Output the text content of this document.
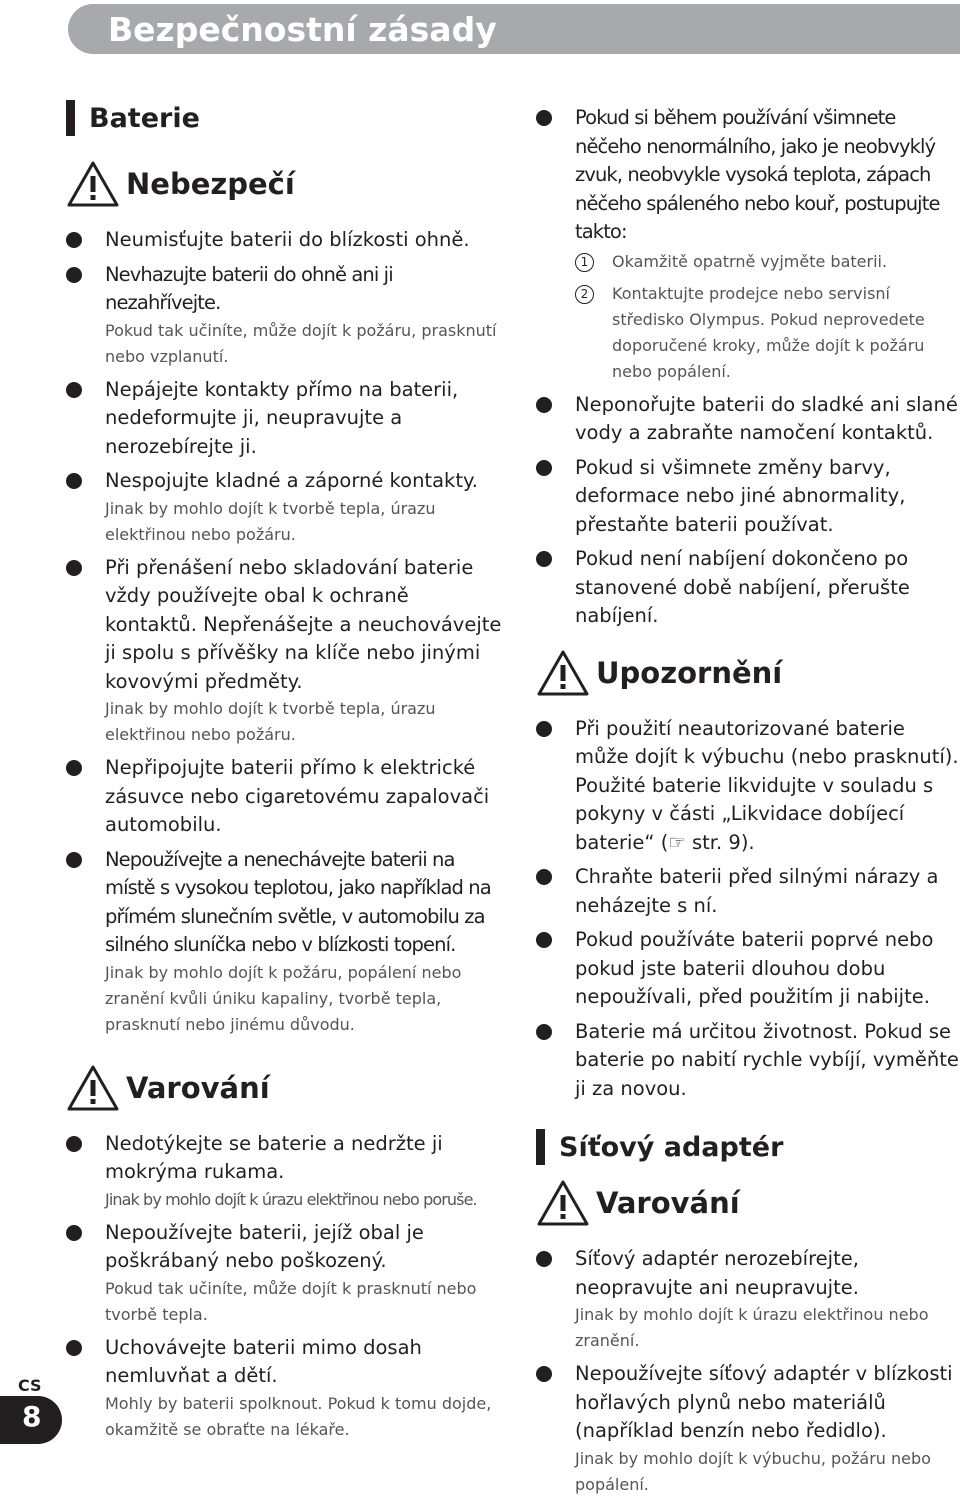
Bezpečnostní zásady
Baterie
Nebezpečí
Neumisťujte baterii do blízkosti ohně.
Nevhazujte baterii do ohně ani ji nezahřívejte.
Pokud tak učiníte, může dojít k požáru, prasknutí nebo vzplanutí.
Nepájejte kontakty přímo na baterii, nedeformujte ji, neupravujte a nerozebírejte ji.
Nespojujte kladné a záporné kontakty.
Jinak by mohlo dojít k tvorbě tepla, úrazu elektřinou nebo požáru.
Při přenášení nebo skladování baterie vždy používejte obal k ochraně kontaktů. Nepřenášejte a neuchovávejte ji spolu s přívěšky na klíče nebo jinými kovovými předměty.
Jinak by mohlo dojít k tvorbě tepla, úrazu elektřinou nebo požáru.
Nepřipojujte baterii přímo k elektrické zásuvce nebo cigaretovému zapalovači automobilu.
Nepoužívejte a nenechávejte baterii na místě s vysokou teplotou, jako například na přímém slunečním světle, v automobilu za silného sluníčka nebo v blízkosti topení.
Jinak by mohlo dojít k požáru, popálení nebo zranění kvůli úniku kapaliny, tvorbě tepla, prasknutí nebo jinému důvodu.
Varování
Nedotýkejte se baterie a nedržte ji mokrýma rukama.
Jinak by mohlo dojít k úrazu elektřinou nebo poruše.
Nepoužívejte baterii, jejíž obal je poškrábaný nebo poškozený.
Pokud tak učiníte, může dojít k prasknutí nebo tvorbě tepla.
Uchovávejte baterii mimo dosah nemluvňat a dětí.
Mohly by baterii spolknout. Pokud k tomu dojde, okamžitě se obraťte na lékaře.
Pokud si během používání všimnete něčeho nenormálního, jako je neobvyklý zvuk, neobvykle vysoká teplota, zápach něčeho spáleného nebo kouř, postupujte takto:
1	Okamžitě opatrně vyjměte baterii.
2	Kontaktujte prodejce nebo servisní středisko Olympus. Pokud neprovedete doporučené kroky, může dojít k požáru nebo popálení.
Neponořujte baterii do sladké ani slané vody a zabraňte namočení kontaktů.
Pokud si všimnete změny barvy, deformace nebo jiné abnormality, přestaňte baterii používat.
Pokud není nabíjení dokončeno po stanovené době nabíjení, přerušte nabíjení.
Upozornění
Při použití neautorizované baterie může dojít k výbuchu (nebo prasknutí). Použité baterie likvidujte v souladu s pokyny v části „Likvidace dobíjecí baterie“ (☞ str. 9).
Chraňte baterii před silnými nárazy a neházejte s ní.
Pokud používáte baterii poprvé nebo pokud jste baterii dlouhou dobu nepoužívali, před použitím ji nabijte.
Baterie má určitou životnost. Pokud se baterie po nabití rychle vybíjí, vyměňte ji za novou.
Síťový adaptér
Varování
Síťový adaptér nerozebírejte, neopravujte ani neupravujte.
Jinak by mohlo dojít k úrazu elektřinou nebo zranění.
Nepoužívejte síťový adaptér v blízkosti hořlavých plynů nebo materiálů (například benzín nebo ředidlo).
Jinak by mohlo dojít k výbuchu, požáru nebo popálení.
CS
8
